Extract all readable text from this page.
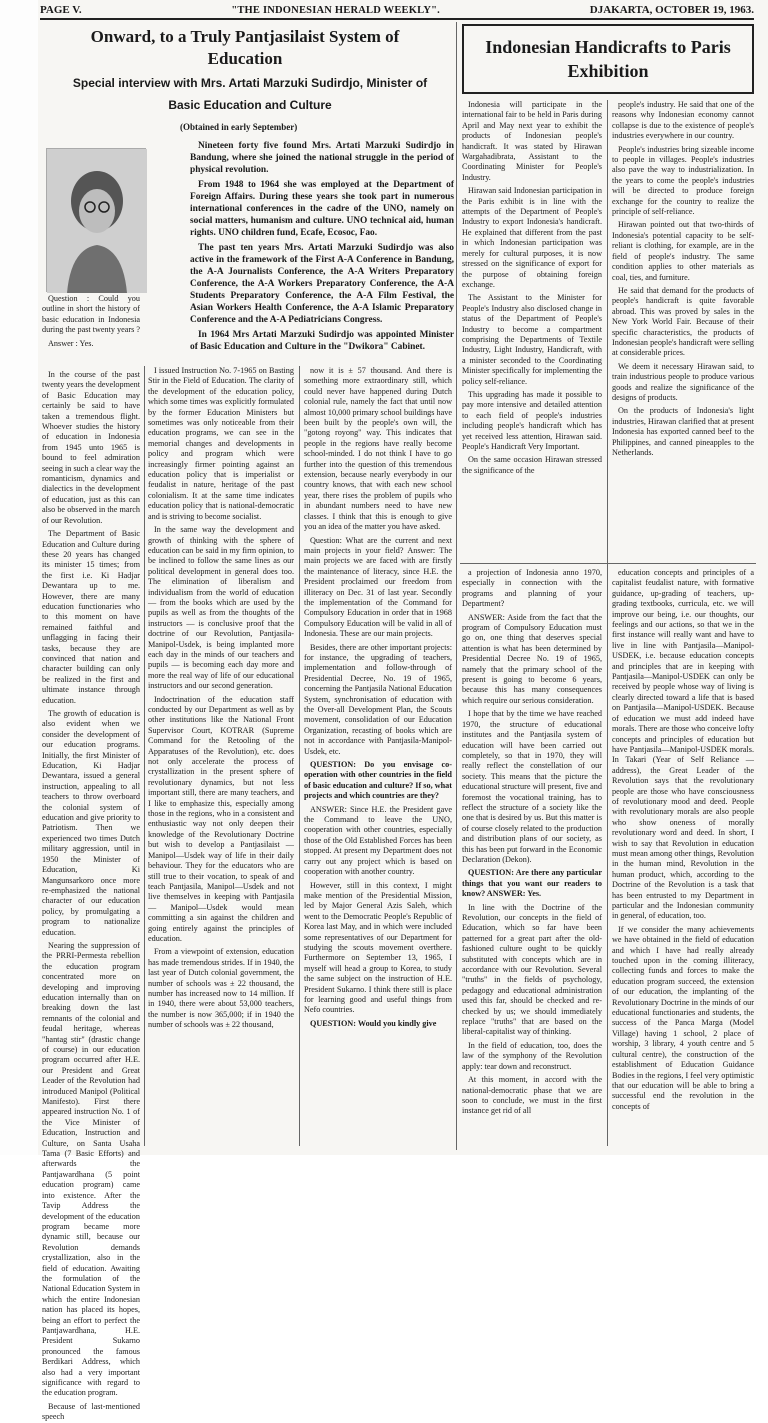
PAGE V.	"THE INDONESIAN HERALD WEEKLY".	DJAKARTA, OCTOBER 19, 1963.
Onward, to a Truly Pantjasilaist System of Education
Special interview with Mrs. Artati Marzuki Sudirdjo, Minister of Basic Education and Culture
(Obtained in early September)

Nineteen forty five found Mrs. Artati Marzuki Sudirdjo in Bandung, where she joined the national struggle in the period of physical revolution.

From 1948 to 1964 she was employed at the Department of Foreign Affairs. During these years she took part in numerous international conferences in the cadre of the UNO, namely on social matters, humanism and culture. UNO technical aid, human rights. UNO children fund, Ecafe, Ecosoc, Fao.

The past ten years Mrs. Artati Marzuki Sudirdjo was also active in the framework of the First A-A Conference in Bandung, the A-A Journalists Conference, the A-A Writers Preparatory Conference, the A-A Workers Preparatory Conference, the A-A Students Preparatory Conference, the A-A Film Festival, the Asian Workers Health Conference, the A-A Islamic Preparatory Conference and the A-A Pediatricians Congress.

In 1964 Mrs Artati Marzuki Sudirdjo was appointed Minister of Basic Education and Culture in the "Dwikora" Cabinet.

Question : Could you outline in short the history of basic education in Indonesia during the past twenty years ?

Answer : Yes.

In the course of the past twenty years the development of Basic Education may certainly be said to have taken a tremendous flight. Whoever studies the history of education in Indonesia from 1945 unto 1965 is bound to feel admiration seeing in such a clear way the romanticism, dynamics and dialectics in the development of education, just as this can also be observed in the march of our Revolution.

The Department of Basic Education and Culture during these 20 years has changed its minister 15 times; from the first i.e. Ki Hadjar Dewantara up to me. However, there are many education functionaries who to this moment on have remained faithful and unflagging in facing their tasks, because they are convinced that nation and character building can only be realized in the first and ultimate instance through education.

The growth of education is also evident when we consider the development of our education programs. Initially, the first Minister of Education, Ki Hadjar Dewantara, issued a general instruction, appealing to all teachers to throw overboard the colonial system of education and give priority to Patriotism. Then we experienced two times Dutch military aggression, until in 1950 the Minister of Education, Ki Mangunsarkoro once more re-emphasized the national character of our education policy, by promulgating a program to nationalize education.

Nearing the suppression of the PRRI-Permesta rebellion the education program concentrated more on developing and improving education internally than on breaking down the last remnants of the colonial and feudal heritage, whereas "hantag stir" (drastic change of course) in our education program occurred after H.E. our President and Great Leader of the Revolution had introduced Manipol (Political Manifesto). First there appeared instruction No. 1 of the Vice Minister of Education, Instruction and Culture, on Santa Usaha Tama (7 Basic Efforts) and afterwards the Pantjawardhana (5 point education program) came into existence. After the Tavip Address the development of the education program became more dynamic still, because our Revolution demands crystallization, also in the field of education. Awaiting the formulation of the National Education System in which the entire Indonesian nation has placed its hopes, being an effort to perfect the Pantjawardhana, H.E. President Sukarno pronounced the famous Berdikari Address, which also had a very important significance with regard to the education program.

Because of last-mentioned speech

I issued Instruction No. 7-1965 on Basting Stir in the Field of Education. The clarity of the development of the education policy, which some times was explicitly formulated by the former Education Ministers but sometimes was only noticeable from their education programs, we can see in the memorial changes and developments in policy and program which were increasingly firmer pointing against an education policy that is imperialist or feudalist in nature, heritage of the past colonialism. It at the same time indicates education policy that is national-democratic and is striving to become socialist.

In the same way the development and growth of thinking with the sphere of education can be said in my firm opinion, to be inclined to follow the same lines as our political development in general does too. The elimination of liberalism and individualism from the world of education — from the books which are used by the pupils as well as from the thoughts of the instructors — is conclusive proof that the doctrine of our Revolution, Pantjasila-Manipol-Usdek, is being implanted more each day in the minds of our teachers and pupils — is becoming each day more and more the real way of life of our educational instructors and our second generation.

Indoctrination of the education staff conducted by our Department as well as by other institutions like the National Front Supervisor Court, KOTRAR (Supreme Command for the Retooling of the Apparatuses of the Revolution), etc. does not only accelerate the process of crystallization in the present sphere of revolutionary dynamics, but not less important still, there are many teachers, and I like to emphasize this, especially among those in the regions, who in a consistent and enthusiastic way not only deepen their knowledge of the Revolutionary Doctrine but wish to develop a Pantjasilaist — Manipol—Usdek way of life in their daily behaviour. They for the educators who are still true to their vocation, to speak of and teach Pantjasila, Manipol—Usdek and not live themselves in keeping with Pantjasila — Manipol—Usdek would mean committing a sin against the children and going entirely against the principles of education.

From a viewpoint of extension, education has made tremendous strides. If in 1940, the last year of Dutch colonial government, the number of schools was ± 22 thousand, the number has increased now to 14 million. If in 1940, there were about 53,000 teachers, the number is now 365,000; if in 1940 the number of schools was ± 22 thousand,

now it is ± 57 thousand. And there is something more extraordinary still, which could never have happened during Dutch colonial rule, namely the fact that until now almost 10,000 primary school buildings have been built by the people's own will, the "gotong royong" way. This indicates that people in the regions have really become school-minded. I do not think I have to go further into the question of this tremendous extension, because nearly everybody in our country knows, that with each new school year, there rises the problem of pupils who in abundant numbers need to have new classes. I think that this is enough to give you an idea of the matter you have asked.

Question: What are the current and next main projects in your field? Answer: The main projects we are faced with are firstly the maintenance of literacy, since H.E. the President proclaimed our freedom from illiteracy on Dec. 31 of last year. Secondly the implementation of the Command for Compulsory Education in order that in 1968 Compulsory Education will be valid in all of Indonesia. These are our main projects.

Besides, there are other important projects: for instance, the upgrading of teachers, implementation and follow-through of Presidential Decree, No. 19 of 1965, concerning the Pantjasila National Education System, synchronisation of education with the Over-all Development Plan, the Scouts movement, consolidation of our Education Organization, recasting of books which are not in accordance with Pantjasila-Manipol-Usdek, etc.

QUESTION: Do you envisage co-operation with other countries in the field of basic education and culture? If so, what projects and which countries are they?

ANSWER: Since H.E. the President gave the Command to leave the UNO, cooperation with other countries, especially those of the Old Established Forces has been stopped. At present my Department does not carry out any project which is based on cooperation with another country.

However, still in this context, I might make mention of the Presidential Mission, led by Major General Azis Saleh, which went to the Democratic People's Republic of Korea last May, and in which were included some representatives of our Department for studying the scouts movement overthere. Furthermore on September 13, 1965, I myself will head a group to Korea, to study the same subject on the instruction of H.E. President Sukarno. I think there still is place for learning good and useful things from Nefo countries.

QUESTION: Would you kindly give

Indonesian Handicrafts to Paris Exhibition

Indonesia will participate in the international fair to be held in Paris during April and May next year to exhibit the products of Indonesian people's handicraft. It was stated by Hirawan Wargahadibrata, Assistant to the Coordinating Minister for People's Industry.

Hirawan said Indonesian participation in the Paris exhibit is in line with the attempts of the Department of People's Industry to export Indonesia's handicraft. He explained that different from the past in which Indonesian participation was merely for cultural purposes, it is now stressed on the significance of export for the purpose of obtaining foreign exchange.

The Assistant to the Minister for People's Industry also disclosed change in status of the Department of People's Industry to become a compartment comprising the Departments of Textile Industry, Light Industry, Handicraft, with a minister seconded to the Coordinating Minister specifically for implementing the policy self-reliance.

This upgrading has made it possible to pay more intensive and detailed attention to each field of people's industries including people's handicraft which has yet received less attention, Hirawan said. People's Handicraft Very Important.

On the same occasion Hirawan stressed the significance of the

people's industry. He said that one of the reasons why Indonesian economy cannot collapse is due to the existence of people's industries everywhere in our country.

People's industries bring sizeable income to people in villages. People's industries also pave the way to industrialization. In the years to come the people's industries will be directed to produce foreign exchange for the country to realize the principle of self-reliance.

Hirawan pointed out that two-thirds of Indonesia's potential capacity to be self-reliant is clothing, for example, are in the field of people's industry. The same condition applies to other materials as coal, ties, and furniture.

He said that demand for the products of people's handicraft is quite favorable abroad. This was proved by sales in the New York World Fair. Because of their specific characteristics, the products of Indonesian people's handicraft were selling at considerable prices.

We deem it necessary Hirawan said, to train industrious people to produce various goods and realize the significance of the designs of products.

On the products of Indonesia's light industries, Hirawan clarified that at present Indonesia has exported canned beef to the Philippines, and canned pineapples to the Netherlands.

a projection of Indonesia anno 1970, especially in connection with the programs and planning of your Department?

ANSWER: Aside from the fact that the program of Compulsory Education must go on, one thing that deserves special attention is what has been determined by Presidential Decree No. 19 of 1965, namely that the primary school of the present is going to become 6 years, because this has many consequences which require our serious consideration.

I hope that by the time we have reached 1970, the structure of educational institutes and the Pantjasila system of education will have been carried out completely, so that in 1970, they will really reflect the constellation of our society. This means that the picture the educational structure will present, five and foremost the vocational training, has to reflect the structure of a society like the one that is desired by us. But this matter is of course closely related to the production and distribution plans of our society, as this has been put forward in the Economic Declaration (Dekon).

QUESTION: Are there any particular things that you want our readers to know? ANSWER: Yes.

In line with the Doctrine of the Revolution, our concepts in the field of Education, which so far have been patterned for a great part after the old-fashioned culture ought to be quickly substituted with concepts which are in accordance with our Revolution. Several "truths" in the fields of psychology, pedagogy and educational administration used this far, should be checked and re-checked by us; we should immediately replace "truths" that are based on the liberal-capitalist way of thinking.

In the field of education, too, does the law of the symphony of the Revolution apply: tear down and reconstruct.

At this moment, in accord with the national-democratic phase that we are soon to conclude, we must in the first instance get rid of all

education concepts and principles of a capitalist feudalist nature, with formative guidance, up-grading of teachers, up-grading textbooks, curricula, etc. we will improve our being, i.e. our thoughts, our feelings and our actions, so that we in the first instance will really want and have to live in line with Pantjasila—Manipol-USDEK, i.e. because education concepts and principles that are in keeping with Pantjasila—Manipol-USDEK can only be received by people whose way of living is clearly directed toward a life that is based on Pantjasila—Manipol-USDEK. Because of education we must add indeed have morals. There are those who conceive lofty concepts and principles of education but have Pantjasila—Manipol-USDEK morals. In Takari (Year of Self Reliance — address), the Great Leader of the Revolution says that the revolutionary people are those who have consciousness of revolutionary mood and deed. People with revolutionary morals are also people who show oneness of morally revolutionary word and deed. In short, I wish to say that Revolution in education must mean among other things, Revolution in the human mind, Revolution in the human product, which, according to the Doctrine of the Revolution is a task that has been entrusted to my Department in particular and the Indonesian community in general, of education, too.

If we consider the many achievements we have obtained in the field of education and which I have had really already touched upon in the coming illiteracy, collecting funds and forces to make the education program succeed, the extension of our education, the implanting of the Revolutionary Doctrine in the minds of our educational functionaries and students, the success of the Panca Marga (Model Village) having 1 school, 2 place of worship, 3 library, 4 youth centre and 5 cultural centre), the construction of the establishment of Education Guidance Bodies in the regions, I feel very optimistic that our education will be able to bring a successful end the revolution in the concepts of
